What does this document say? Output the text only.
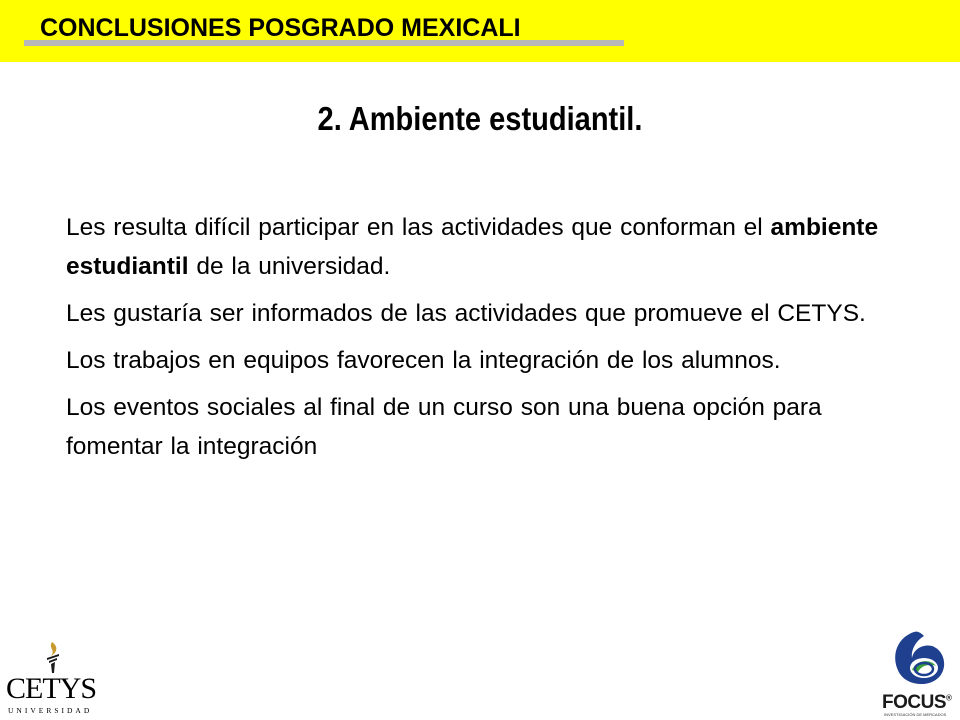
CONCLUSIONES POSGRADO MEXICALI
2. Ambiente estudiantil.

Les resulta difícil participar en las actividades que conforman el ambiente estudiantil de la universidad.

Les gustaría ser informados de las actividades que promueve el CETYS.

Los trabajos en equipos favorecen la integración de los alumnos.

Los eventos sociales al final de un curso son una buena opción para fomentar la integración

CETYS
UNIVERSIDAD	FOCUS®
INVESTIGACIÓN DE MERCADOS
